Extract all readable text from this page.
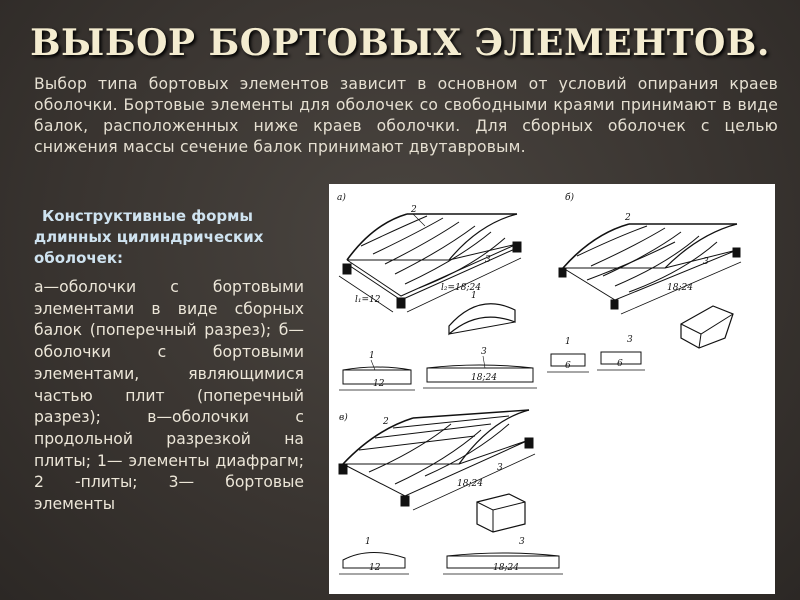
ВЫБОР БОРТОВЫХ ЭЛЕМЕНТОВ.

Выбор типа бортовых элементов зависит в основном от условий опирания краев оболочки. Бортовые элементы для оболочек со свободными краями принимают в виде балок, расположенных ниже краев оболочки. Для сборных оболочек с целью снижения массы сечение балок принимают двутавровым.

Конструктивные формы длинных цилиндрических оболочек:

а—оболочки с бортовыми элементами в виде сборных балок (поперечный разрез); б—оболочки с бортовыми элементами, являющимися частью плит (поперечный разрез); в—оболочки с продольной разрезкой на плиты; 1— элементы диафрагм; 2 -плиты; 3— бортовые элементы

а)
l₁=12
l₂=18;24
2
3
1
12
1
18;24
3
б)
18;24
2
3
6
1
6
3
в)
18;24
2
3
12
1
18;24
3
